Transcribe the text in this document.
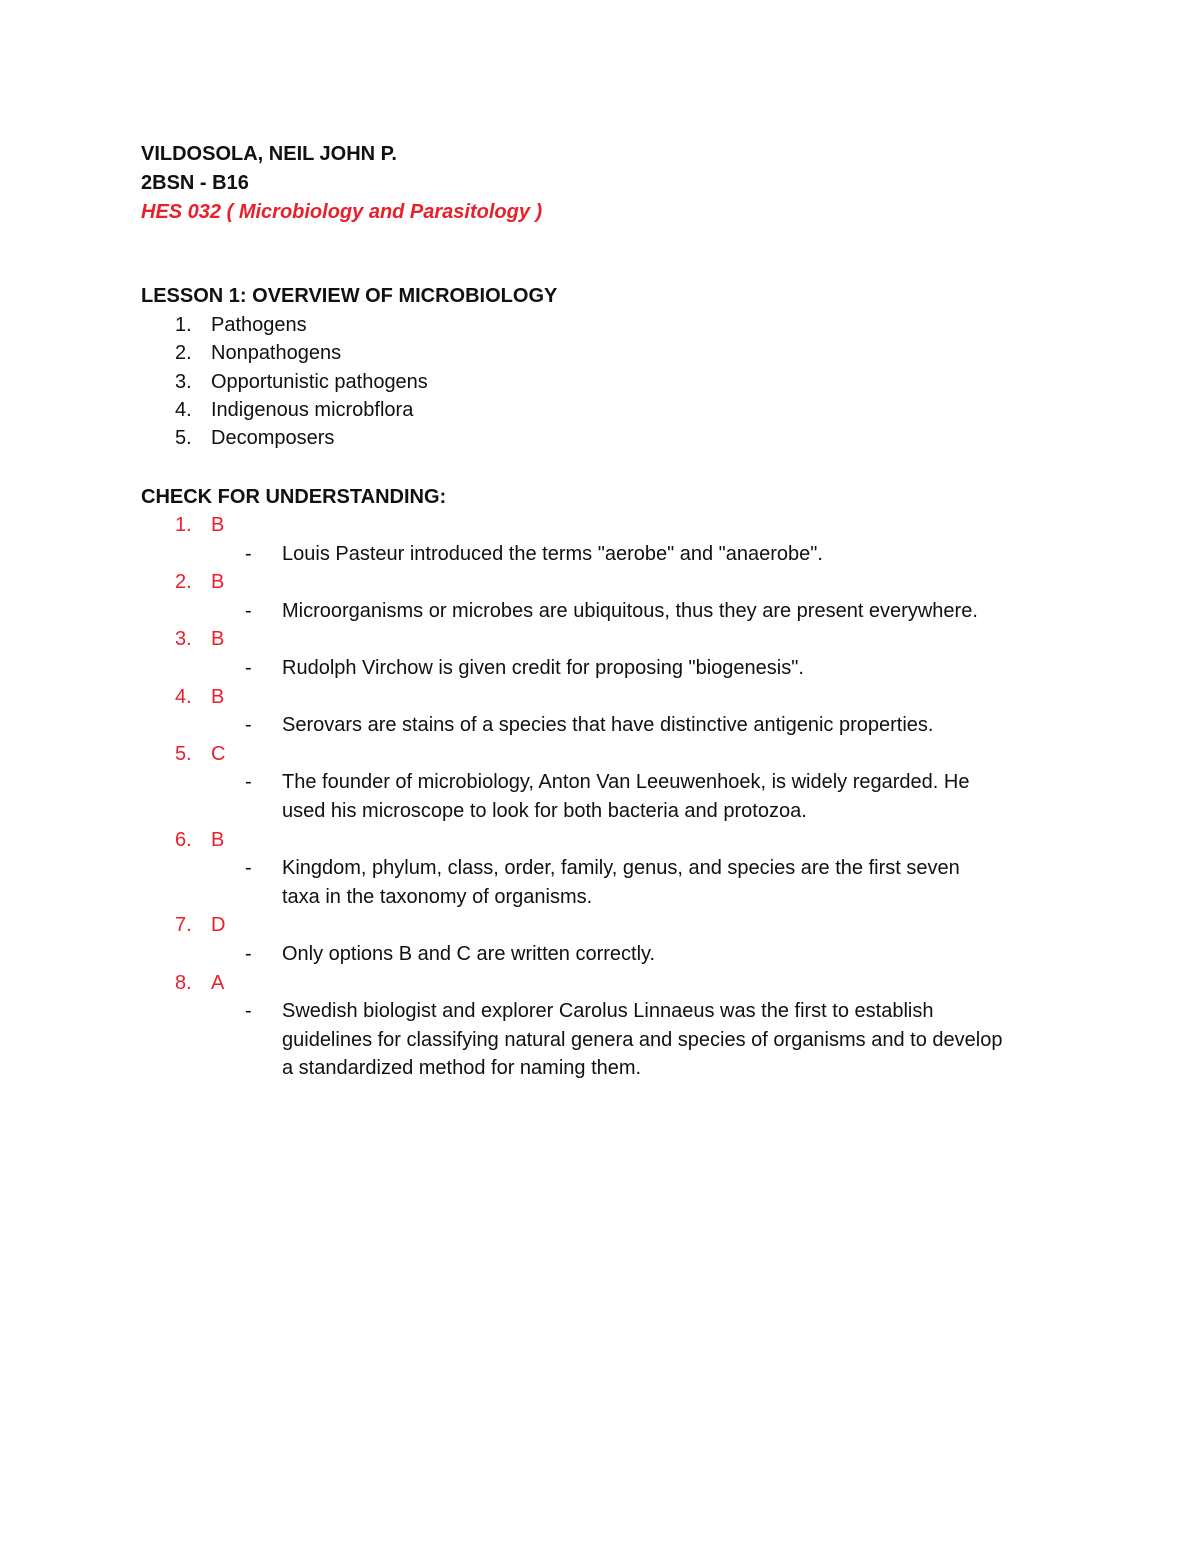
VILDOSOLA, NEIL JOHN P.
2BSN - B16
HES 032 ( Microbiology and Parasitology )
LESSON 1: OVERVIEW OF MICROBIOLOGY
1. Pathogens
2. Nonpathogens
3. Opportunistic pathogens
4. Indigenous microbflora
5. Decomposers
CHECK FOR UNDERSTANDING:
1. B
- Louis Pasteur introduced the terms "aerobe" and "anaerobe".
2. B
- Microorganisms or microbes are ubiquitous, thus they are present everywhere.
3. B
- Rudolph Virchow is given credit for proposing "biogenesis".
4. B
- Serovars are stains of a species that have distinctive antigenic properties.
5. C
- The founder of microbiology, Anton Van Leeuwenhoek, is widely regarded. He
used his microscope to look for both bacteria and protozoa.
6. B
- Kingdom, phylum, class, order, family, genus, and species are the first seven
taxa in the taxonomy of organisms.
7. D
- Only options B and C are written correctly.
8. A
- Swedish biologist and explorer Carolus Linnaeus was the first to establish
guidelines for classifying natural genera and species of organisms and to develop
a standardized method for naming them.
